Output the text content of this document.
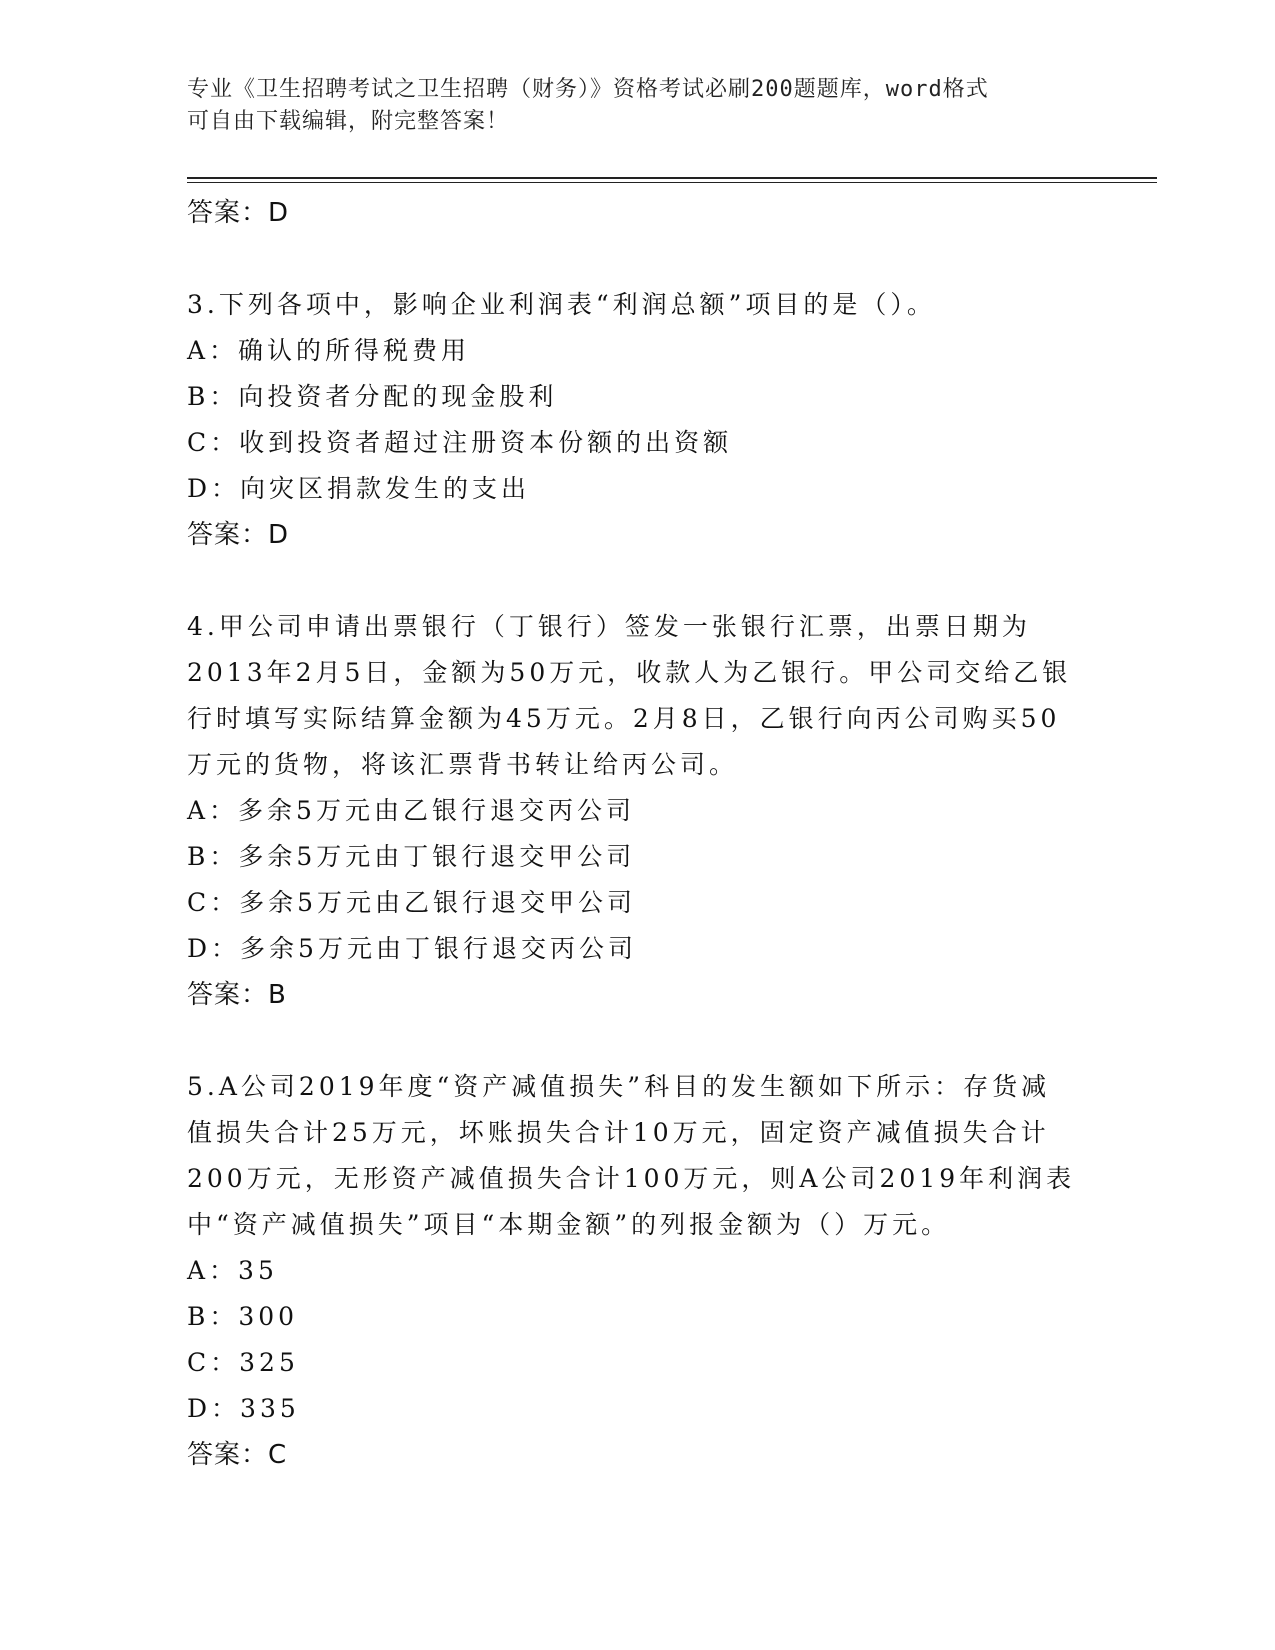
专业《卫生招聘考试之卫生招聘（财务）》资格考试必刷200题题库，word格式
可自由下载编辑，附完整答案！
答案：D
3.下列各项中，影响企业利润表“利润总额”项目的是（）。
A：确认的所得税费用
B：向投资者分配的现金股利
C：收到投资者超过注册资本份额的出资额
D：向灾区捐款发生的支出
答案：D
4.甲公司申请出票银行（丁银行）签发一张银行汇票，出票日期为
2013年2月5日，金额为50万元，收款人为乙银行。甲公司交给乙银
行时填写实际结算金额为45万元。2月8日，乙银行向丙公司购买50
万元的货物，将该汇票背书转让给丙公司。
A：多余5万元由乙银行退交丙公司
B：多余5万元由丁银行退交甲公司
C：多余5万元由乙银行退交甲公司
D：多余5万元由丁银行退交丙公司
答案：B
5.A公司2019年度“资产减值损失”科目的发生额如下所示：存货减
值损失合计25万元，坏账损失合计10万元，固定资产减值损失合计
200万元，无形资产减值损失合计100万元，则A公司2019年利润表
中“资产减值损失”项目“本期金额”的列报金额为（）万元。
A：35
B：300
C：325
D：335
答案：C
